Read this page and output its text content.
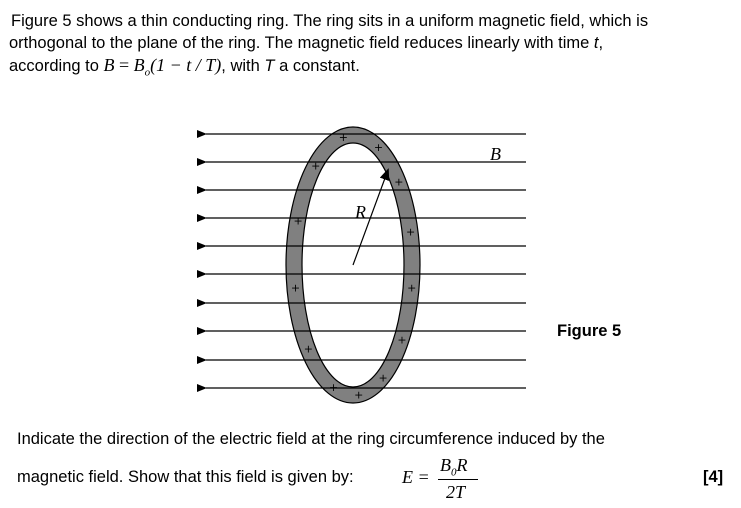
Figure 5 shows a thin conducting ring. The ring sits in a uniform magnetic field, which is
orthogonal to the plane of the ring. The magnetic field reduces linearly with time t,
according to $B = B_o(1 - t / T)$, with T a constant.
+
+
+
+
+
+
+
+
+
+
+
+
+
B
R
Figure 5
Indicate the direction of the electric field at the ring circumference induced by the
magnetic field. Show that this field is given by:	E =
$B_0R$
2T
[4]
